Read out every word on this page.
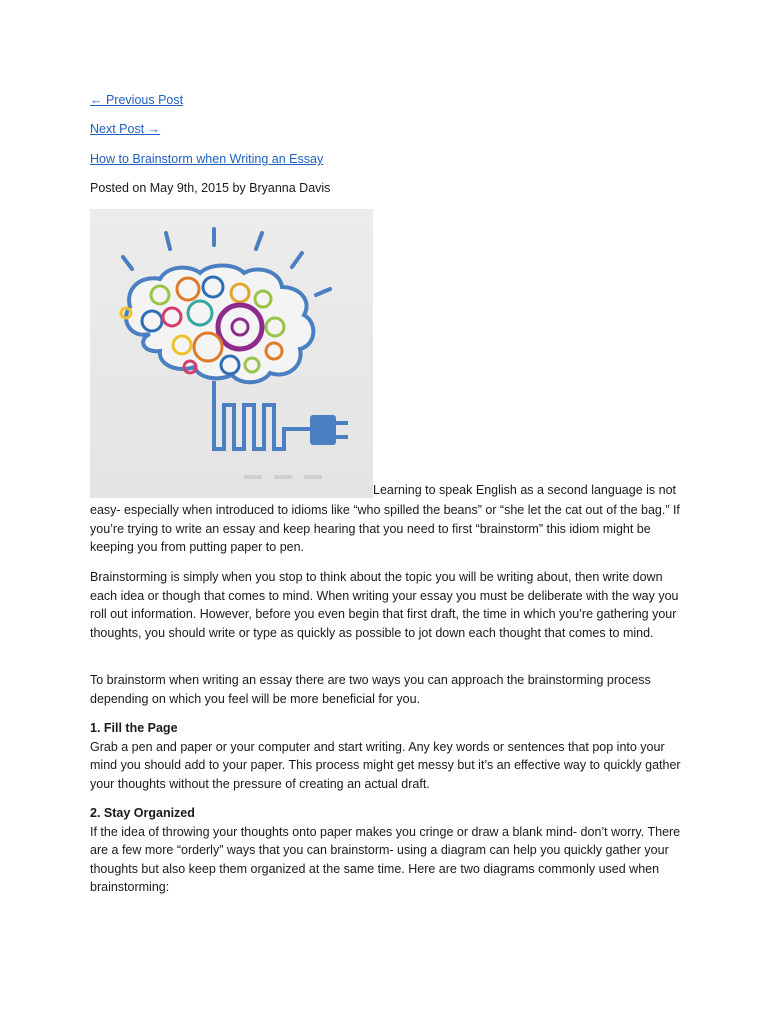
← Previous Post
Next Post →
How to Brainstorm when Writing an Essay
Posted on May 9th, 2015 by Bryanna Davis
Learning to speak English as a second language is not
easy- especially when introduced to idioms like “who spilled the beans” or “she let the cat out of the bag.” If you’re trying to write an essay and keep hearing that you need to first “brainstorm” this idiom might be keeping you from putting paper to pen.
Brainstorming is simply when you stop to think about the topic you will be writing about, then write down each idea or though that comes to mind. When writing your essay you must be deliberate with the way you roll out information. However, before you even begin that first draft, the time in which you’re gathering your thoughts, you should write or type as quickly as possible to jot down each thought that comes to mind.
To brainstorm when writing an essay there are two ways you can approach the brainstorming process depending on which you feel will be more beneficial for you.
1. Fill the Page
Grab a pen and paper or your computer and start writing. Any key words or sentences that pop into your mind you should add to your paper. This process might get messy but it’s an effective way to quickly gather your thoughts without the pressure of creating an actual draft.
2. Stay Organized
If the idea of throwing your thoughts onto paper makes you cringe or draw a blank mind- don’t worry. There are a few more “orderly” ways that you can brainstorm- using a diagram can help you quickly gather your thoughts but also keep them organized at the same time. Here are two diagrams commonly used when brainstorming:
